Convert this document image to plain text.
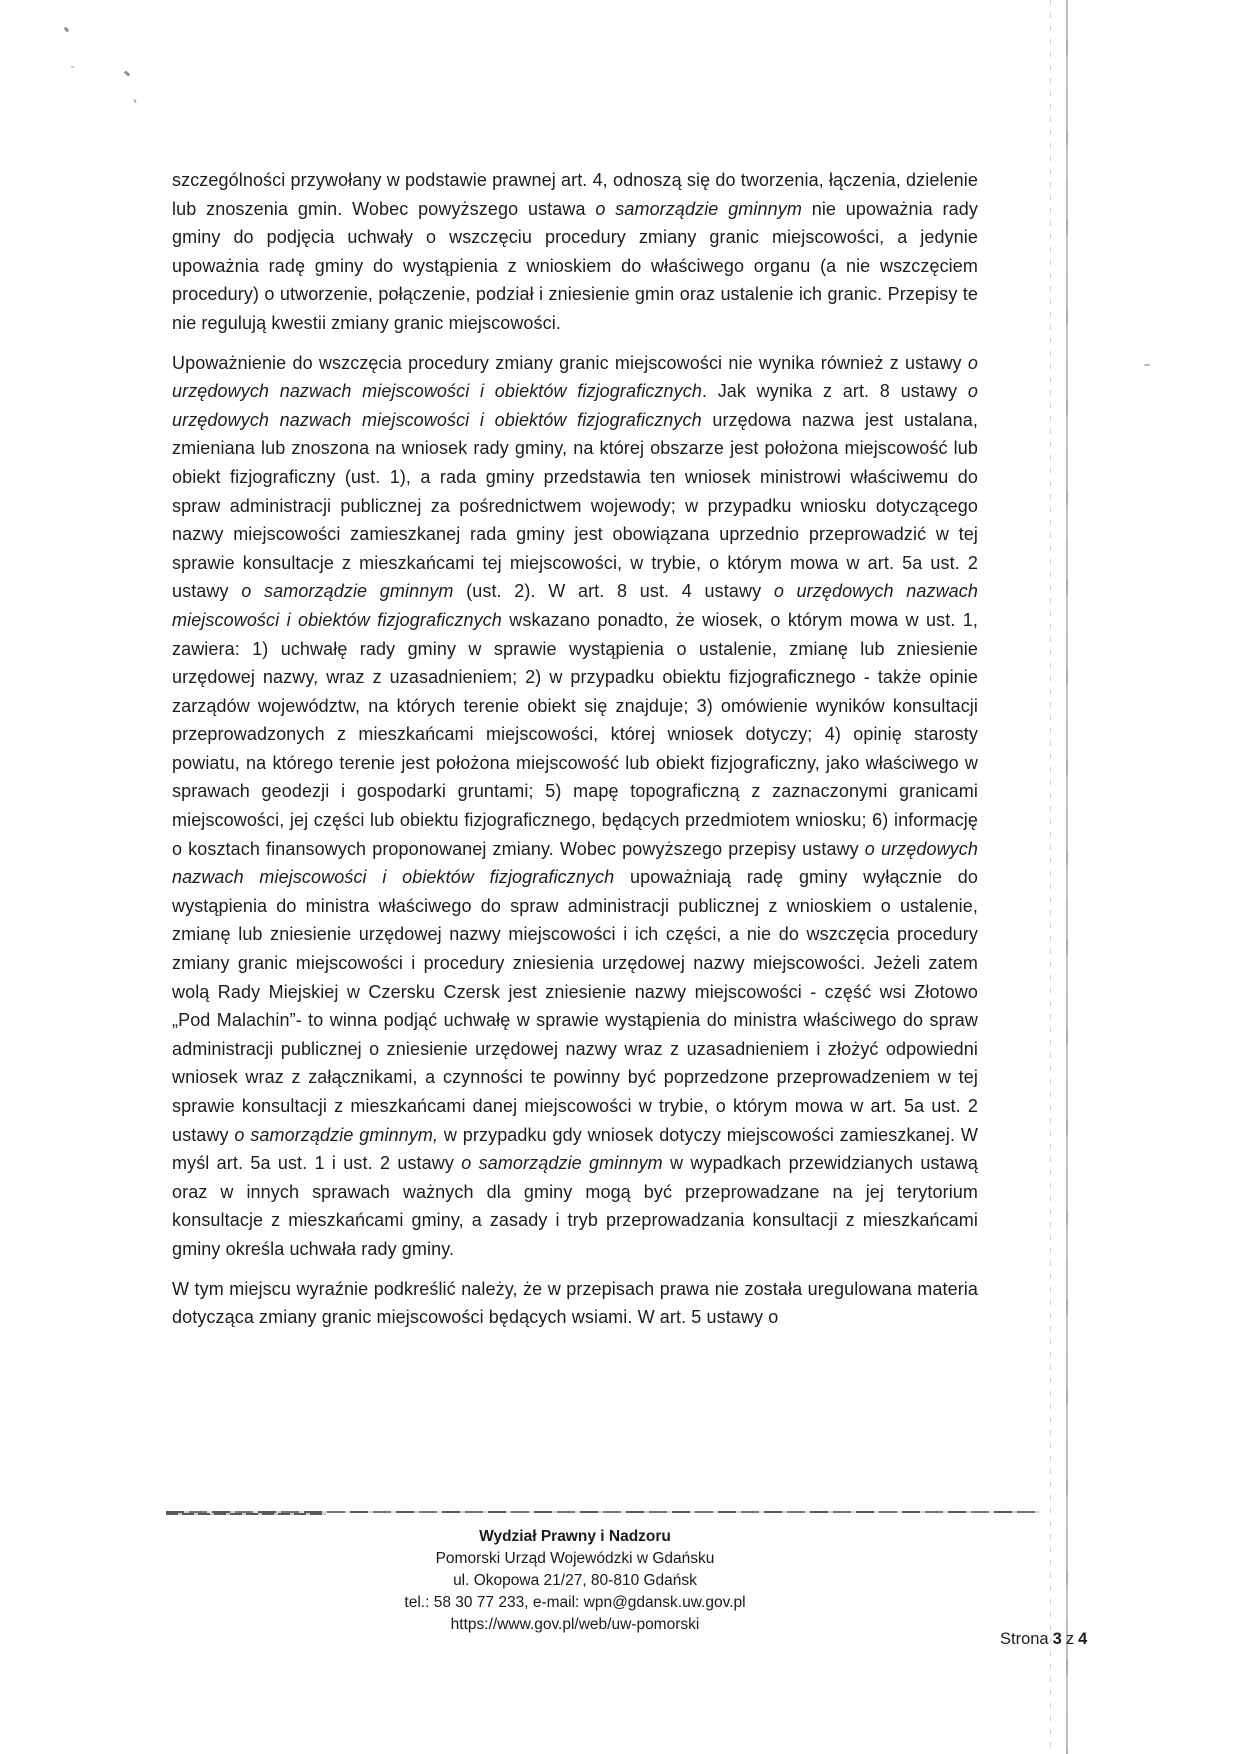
szczególności przywołany w podstawie prawnej art. 4, odnoszą się do tworzenia, łączenia, dzielenie lub znoszenia gmin. Wobec powyższego ustawa o samorządzie gminnym nie upoważnia rady gminy do podjęcia uchwały o wszczęciu procedury zmiany granic miejscowości, a jedynie upoważnia radę gminy do wystąpienia z wnioskiem do właściwego organu (a nie wszczęciem procedury) o utworzenie, połączenie, podział i zniesienie gmin oraz ustalenie ich granic. Przepisy te nie regulują kwestii zmiany granic miejscowości.

Upoważnienie do wszczęcia procedury zmiany granic miejscowości nie wynika również z ustawy o urzędowych nazwach miejscowości i obiektów fizjograficznych. Jak wynika z art. 8 ustawy o urzędowych nazwach miejscowości i obiektów fizjograficznych urzędowa nazwa jest ustalana, zmieniana lub znoszona na wniosek rady gminy, na której obszarze jest położona miejscowość lub obiekt fizjograficzny (ust. 1), a rada gminy przedstawia ten wniosek ministrowi właściwemu do spraw administracji publicznej za pośrednictwem wojewody; w przypadku wniosku dotyczącego nazwy miejscowości zamieszkanej rada gminy jest obowiązana uprzednio przeprowadzić w tej sprawie konsultacje z mieszkańcami tej miejscowości, w trybie, o którym mowa w art. 5a ust. 2 ustawy o samorządzie gminnym (ust. 2). W art. 8 ust. 4 ustawy o urzędowych nazwach miejscowości i obiektów fizjograficznych wskazano ponadto, że wiosek, o którym mowa w ust. 1, zawiera: 1) uchwałę rady gminy w sprawie wystąpienia o ustalenie, zmianę lub zniesienie urzędowej nazwy, wraz z uzasadnieniem; 2) w przypadku obiektu fizjograficznego - także opinie zarządów województw, na których terenie obiekt się znajduje; 3) omówienie wyników konsultacji przeprowadzonych z mieszkańcami miejscowości, której wniosek dotyczy; 4) opinię starosty powiatu, na którego terenie jest położona miejscowość lub obiekt fizjograficzny, jako właściwego w sprawach geodezji i gospodarki gruntami; 5) mapę topograficzną z zaznaczonymi granicami miejscowości, jej części lub obiektu fizjograficznego, będących przedmiotem wniosku; 6) informację o kosztach finansowych proponowanej zmiany. Wobec powyższego przepisy ustawy o urzędowych nazwach miejscowości i obiektów fizjograficznych upoważniają radę gminy wyłącznie do wystąpienia do ministra właściwego do spraw administracji publicznej z wnioskiem o ustalenie, zmianę lub zniesienie urzędowej nazwy miejscowości i ich części, a nie do wszczęcia procedury zmiany granic miejscowości i procedury zniesienia urzędowej nazwy miejscowości. Jeżeli zatem wolą Rady Miejskiej w Czersku Czersk jest zniesienie nazwy miejscowości - część wsi Złotowo „Pod Malachin”- to winna podjąć uchwałę w sprawie wystąpienia do ministra właściwego do spraw administracji publicznej o zniesienie urzędowej nazwy wraz z uzasadnieniem i złożyć odpowiedni wniosek wraz z załącznikami, a czynności te powinny być poprzedzone przeprowadzeniem w tej sprawie konsultacji z mieszkańcami danej miejscowości w trybie, o którym mowa w art. 5a ust. 2 ustawy o samorządzie gminnym, w przypadku gdy wniosek dotyczy miejscowości zamieszkanej. W myśl art. 5a ust. 1 i ust. 2 ustawy o samorządzie gminnym w wypadkach przewidzianych ustawą oraz w innych sprawach ważnych dla gminy mogą być przeprowadzane na jej terytorium konsultacje z mieszkańcami gminy, a zasady i tryb przeprowadzania konsultacji z mieszkańcami gminy określa uchwała rady gminy.

W tym miejscu wyraźnie podkreślić należy, że w przepisach prawa nie została uregulowana materia dotycząca zmiany granic miejscowości będących wsiami. W art. 5 ustawy o

Wydział Prawny i Nadzoru
Pomorski Urząd Wojewódzki w Gdańsku
ul. Okopowa 21/27, 80-810 Gdańsk
tel.: 58 30 77 233, e-mail: wpn@gdansk.uw.gov.pl
https://www.gov.pl/web/uw-pomorski
Strona 3 z 4
